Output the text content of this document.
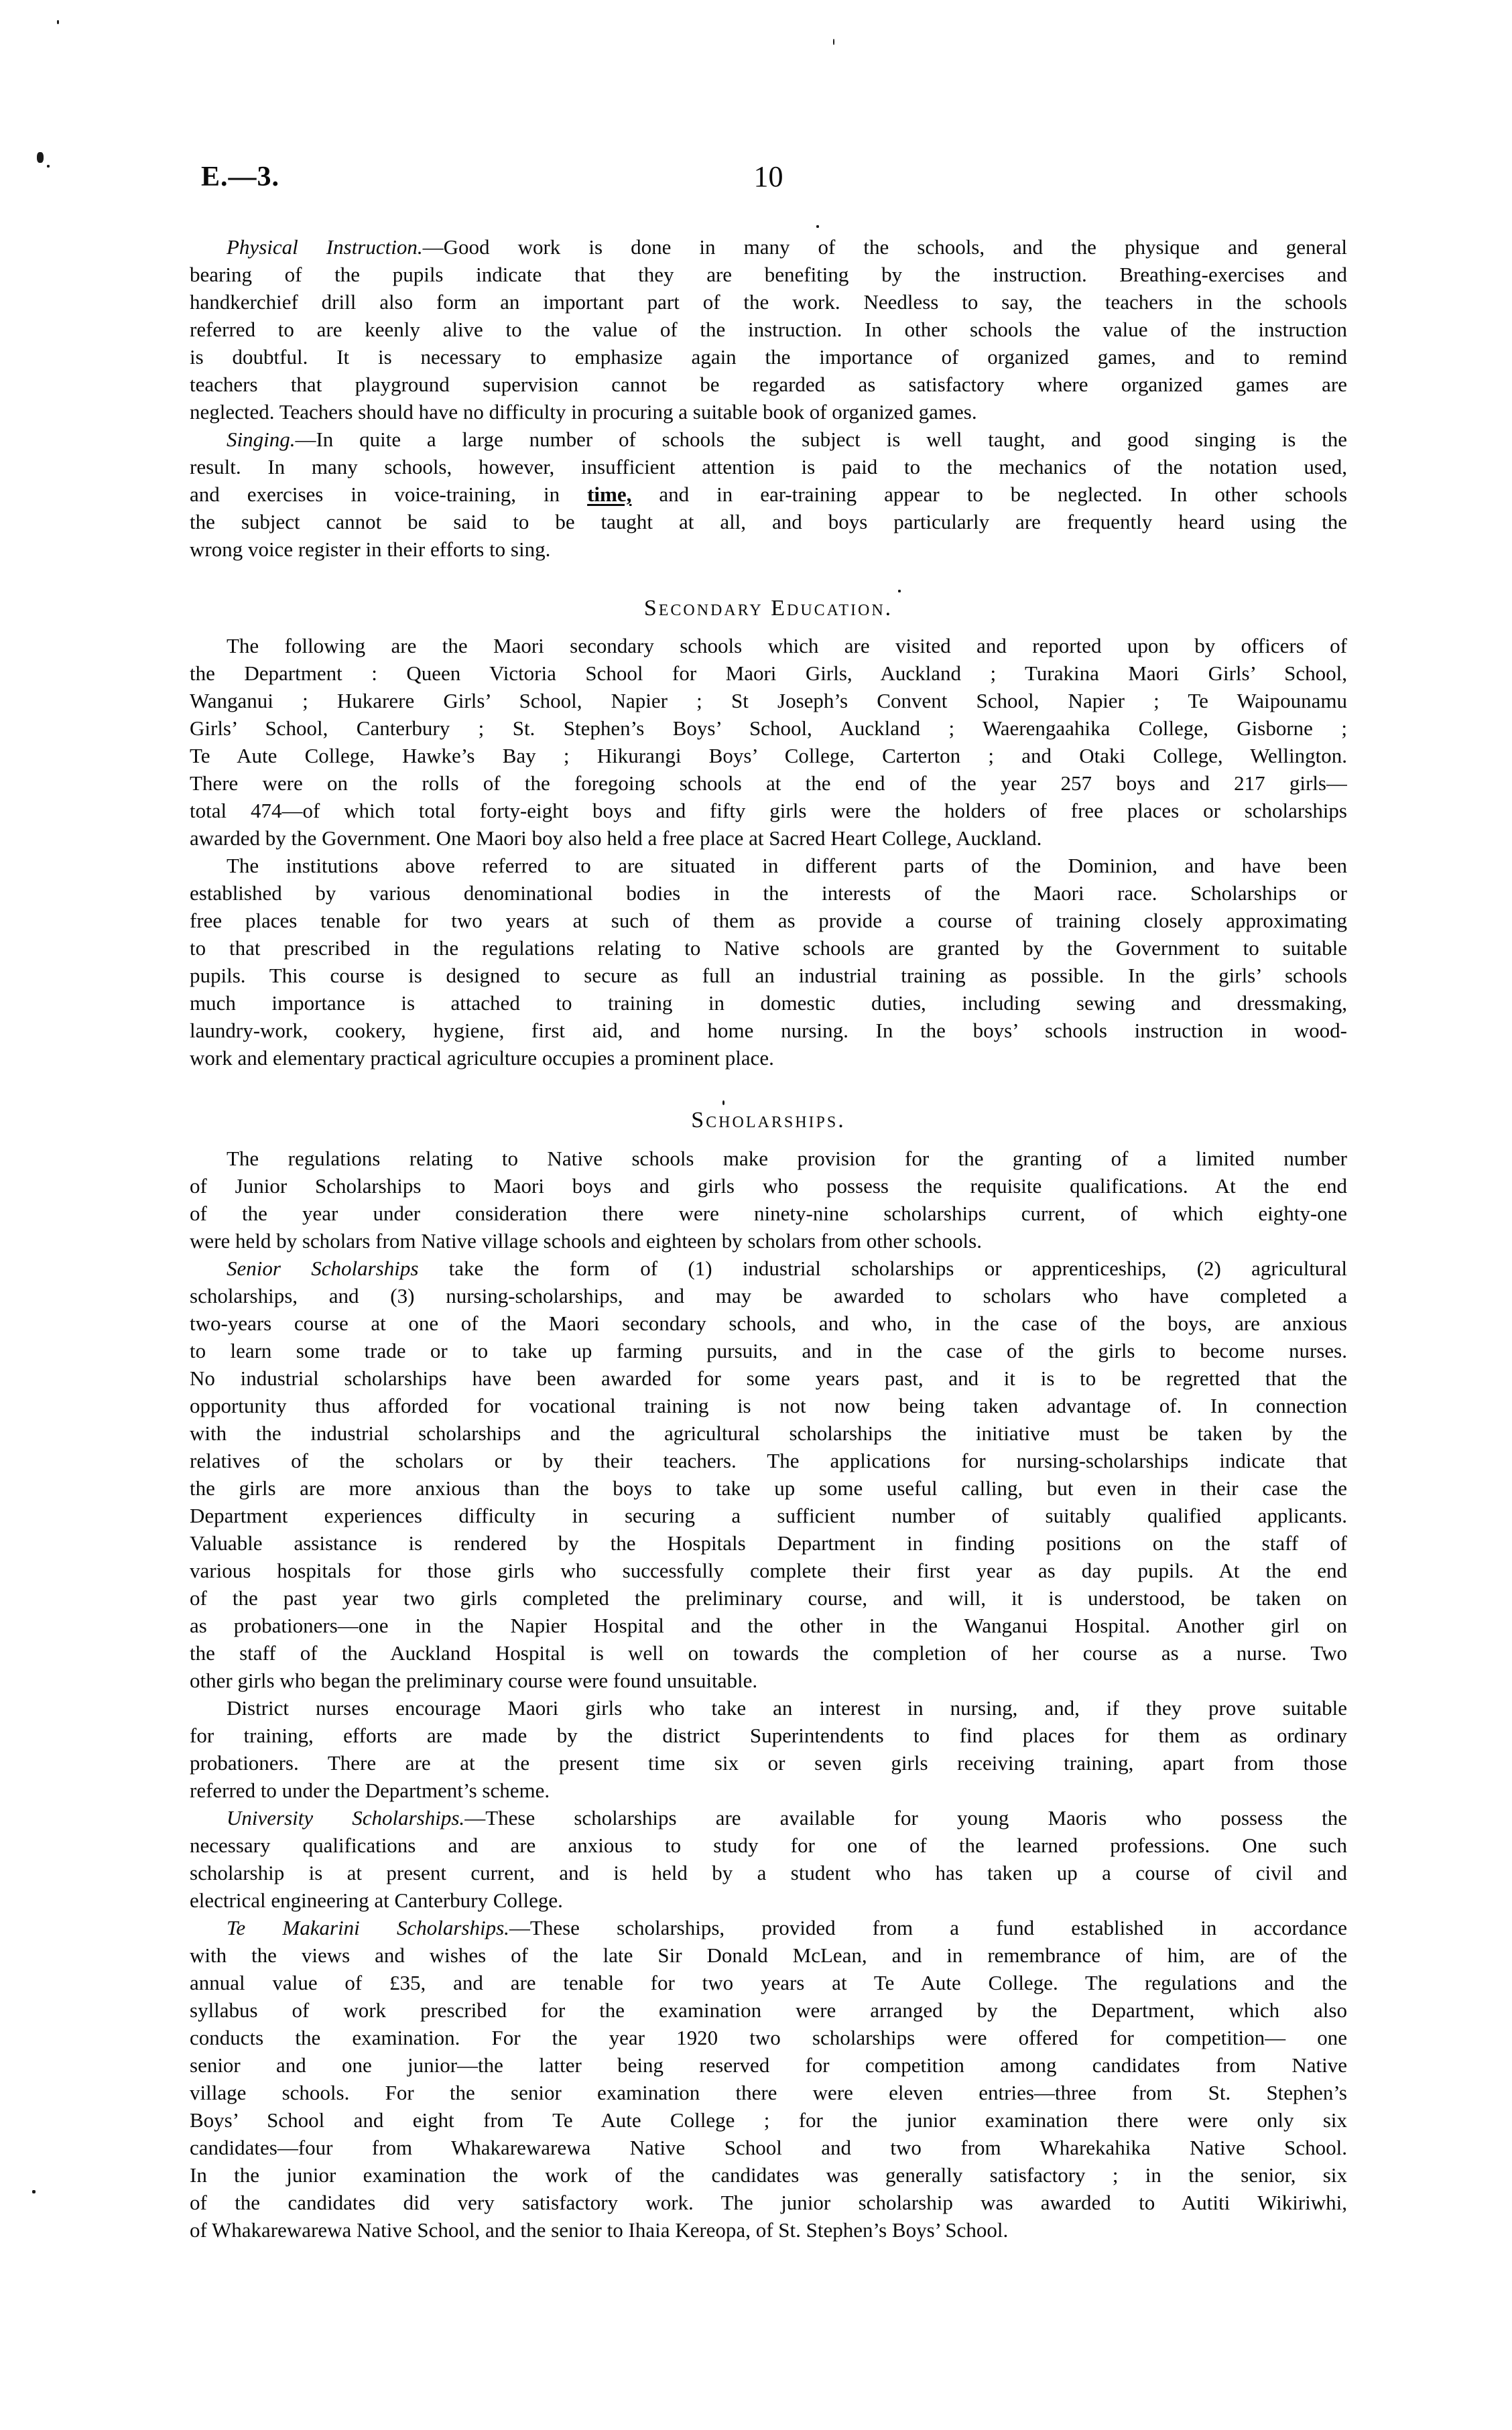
E.—3.	10
Physical Instruction.—Good work is done in many of the schools, and the physique and general
bearing of the pupils indicate that they are benefiting by the instruction. Breathing-exercises and
handkerchief drill also form an important part of the work. Needless to say, the teachers in the schools
referred to are keenly alive to the value of the instruction. In other schools the value of the instruction
is doubtful. It is necessary to emphasize again the importance of organized games, and to remind
teachers that playground supervision cannot be regarded as satisfactory where organized games are
neglected. Teachers should have no difficulty in procuring a suitable book of organized games.
Singing.—In quite a large number of schools the subject is well taught, and good singing is the
result. In many schools, however, insufficient attention is paid to the mechanics of the notation used,
and exercises in voice-training, in time, and in ear-training appear to be neglected. In other schools
the subject cannot be said to be taught at all, and boys particularly are frequently heard using the
wrong voice register in their efforts to sing.
Secondary Education.
The following are the Maori secondary schools which are visited and reported upon by officers of
the Department : Queen Victoria School for Maori Girls, Auckland ; Turakina Maori Girls’ School,
Wanganui ; Hukarere Girls’ School, Napier ; St Joseph’s Convent School, Napier ; Te Waipounamu
Girls’ School, Canterbury ; St. Stephen’s Boys’ School, Auckland ; Waerengaahika College, Gisborne ;
Te Aute College, Hawke’s Bay ; Hikurangi Boys’ College, Carterton ; and Otaki College, Wellington.
There were on the rolls of the foregoing schools at the end of the year 257 boys and 217 girls—
total 474—of which total forty-eight boys and fifty girls were the holders of free places or scholarships
awarded by the Government. One Maori boy also held a free place at Sacred Heart College, Auckland.
The institutions above referred to are situated in different parts of the Dominion, and have been
established by various denominational bodies in the interests of the Maori race. Scholarships or
free places tenable for two years at such of them as provide a course of training closely approximating
to that prescribed in the regulations relating to Native schools are granted by the Government to suitable
pupils. This course is designed to secure as full an industrial training as possible. In the girls’ schools
much importance is attached to training in domestic duties, including sewing and dressmaking,
laundry-work, cookery, hygiene, first aid, and home nursing. In the boys’ schools instruction in wood-
work and elementary practical agriculture occupies a prominent place.
Scholarships.
The regulations relating to Native schools make provision for the granting of a limited number
of Junior Scholarships to Maori boys and girls who possess the requisite qualifications. At the end
of the year under consideration there were ninety-nine scholarships current, of which eighty-one
were held by scholars from Native village schools and eighteen by scholars from other schools.
Senior Scholarships take the form of (1) industrial scholarships or apprenticeships, (2) agricultural
scholarships, and (3) nursing-scholarships, and may be awarded to scholars who have completed a
two-years course at one of the Maori secondary schools, and who, in the case of the boys, are anxious
to learn some trade or to take up farming pursuits, and in the case of the girls to become nurses.
No industrial scholarships have been awarded for some years past, and it is to be regretted that the
opportunity thus afforded for vocational training is not now being taken advantage of. In connection
with the industrial scholarships and the agricultural scholarships the initiative must be taken by the
relatives of the scholars or by their teachers. The applications for nursing-scholarships indicate that
the girls are more anxious than the boys to take up some useful calling, but even in their case the
Department experiences difficulty in securing a sufficient number of suitably qualified applicants.
Valuable assistance is rendered by the Hospitals Department in finding positions on the staff of
various hospitals for those girls who successfully complete their first year as day pupils. At the end
of the past year two girls completed the preliminary course, and will, it is understood, be taken on
as probationers—one in the Napier Hospital and the other in the Wanganui Hospital. Another girl on
the staff of the Auckland Hospital is well on towards the completion of her course as a nurse. Two
other girls who began the preliminary course were found unsuitable.
District nurses encourage Maori girls who take an interest in nursing, and, if they prove suitable
for training, efforts are made by the district Superintendents to find places for them as ordinary
probationers. There are at the present time six or seven girls receiving training, apart from those
referred to under the Department’s scheme.
University Scholarships.—These scholarships are available for young Maoris who possess the
necessary qualifications and are anxious to study for one of the learned professions. One such
scholarship is at present current, and is held by a student who has taken up a course of civil and
electrical engineering at Canterbury College.
Te Makarini Scholarships.—These scholarships, provided from a fund established in accordance
with the views and wishes of the late Sir Donald McLean, and in remembrance of him, are of the
annual value of £35, and are tenable for two years at Te Aute College. The regulations and the
syllabus of work prescribed for the examination were arranged by the Department, which also
conducts the examination. For the year 1920 two scholarships were offered for competition— one
senior and one junior—the latter being reserved for competition among candidates from Native
village schools. For the senior examination there were eleven entries—three from St. Stephen’s
Boys’ School and eight from Te Aute College ; for the junior examination there were only six
candidates—four from Whakarewarewa Native School and two from Wharekahika Native School.
In the junior examination the work of the candidates was generally satisfactory ; in the senior, six
of the candidates did very satisfactory work. The junior scholarship was awarded to Autiti Wikiriwhi,
of Whakarewarewa Native School, and the senior to Ihaia Kereopa, of St. Stephen’s Boys’ School.
